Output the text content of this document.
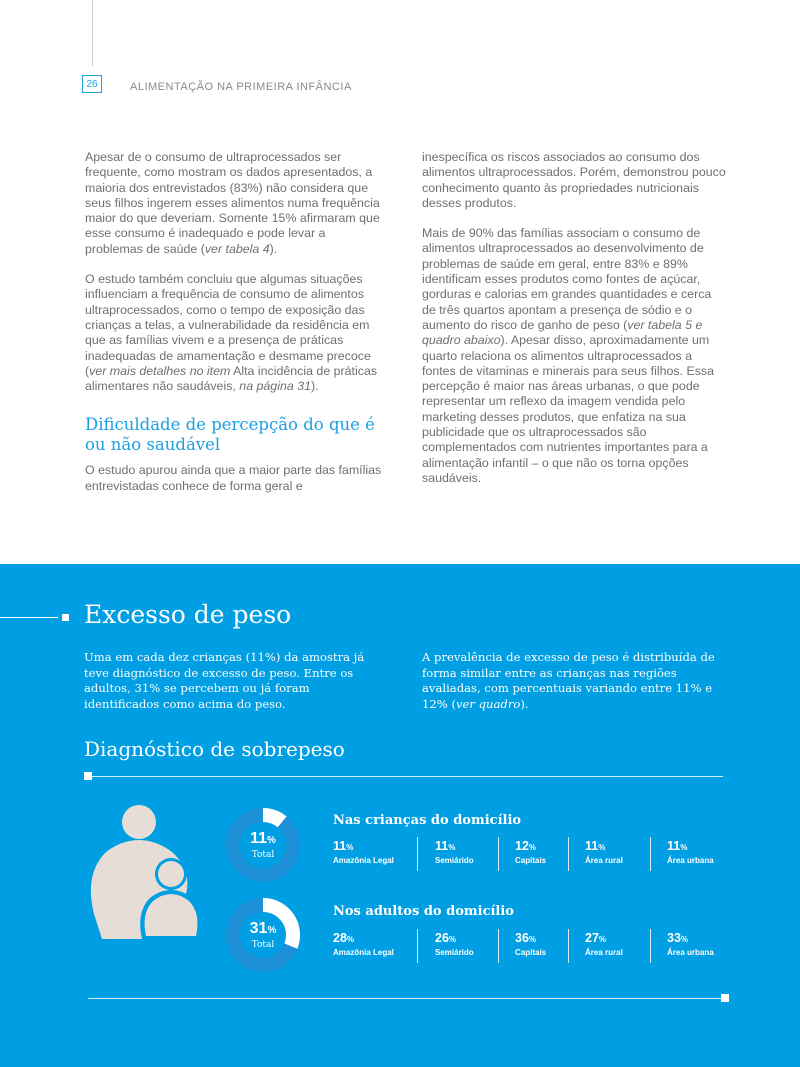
26	ALIMENTAÇÃO NA PRIMEIRA INFÂNCIA

Apesar de o consumo de ultraprocessados ser frequente, como mostram os dados apresentados, a maioria dos entrevistados (83%) não considera que seus filhos ingerem esses alimentos numa frequência maior do que deveriam. Somente 15% afirmaram que esse consumo é inadequado e pode levar a problemas de saúde (ver tabela 4).

O estudo também concluiu que algumas situações influenciam a frequência de consumo de alimentos ultraprocessados, como o tempo de exposição das crianças a telas, a vulnerabilidade da residência em que as famílias vivem e a presença de práticas inadequadas de amamentação e desmame precoce (ver mais detalhes no item Alta incidência de práticas alimentares não saudáveis, na página 31).

Dificuldade de percepção do que é ou não saudável

O estudo apurou ainda que a maior parte das famílias entrevistadas conhece de forma geral e

inespecífica os riscos associados ao consumo dos alimentos ultraprocessados. Porém, demonstrou pouco conhecimento quanto às propriedades nutricionais desses produtos.

Mais de 90% das famílias associam o consumo de alimentos ultraprocessados ao desenvolvimento de problemas de saúde em geral, entre 83% e 89% identificam esses produtos como fontes de açúcar, gorduras e calorias em grandes quantidades e cerca de três quartos apontam a presença de sódio e o aumento do risco de ganho de peso (ver tabela 5 e quadro abaixo). Apesar disso, aproximadamente um quarto relaciona os alimentos ultraprocessados a fontes de vitaminas e minerais para seus filhos. Essa percepção é maior nas áreas urbanas, o que pode representar um reflexo da imagem vendida pelo marketing desses produtos, que enfatiza na sua publicidade que os ultraprocessados são complementados com nutrientes importantes para a alimentação infantil – o que não os torna opções saudáveis.

Excesso de peso
Uma em cada dez crianças (11%) da amostra já teve diagnóstico de excesso de peso. Entre os adultos, 31% se percebem ou já foram identificados como acima do peso.
A prevalência de excesso de peso é distribuída de forma similar entre as crianças nas regiões avaliadas, com percentuais variando entre 11% e 12% (ver quadro).
Diagnóstico de sobrepeso
11%
Total
31%
Total
Nas crianças do domicílio
11%
Amazônia Legal
11%
Semiárido
12%
Capitais
11%
Área rural
11%
Área urbana
Nos adultos do domicílio
28%
Amazônia Legal
26%
Semiárido
36%
Capitais
27%
Área rural
33%
Área urbana
